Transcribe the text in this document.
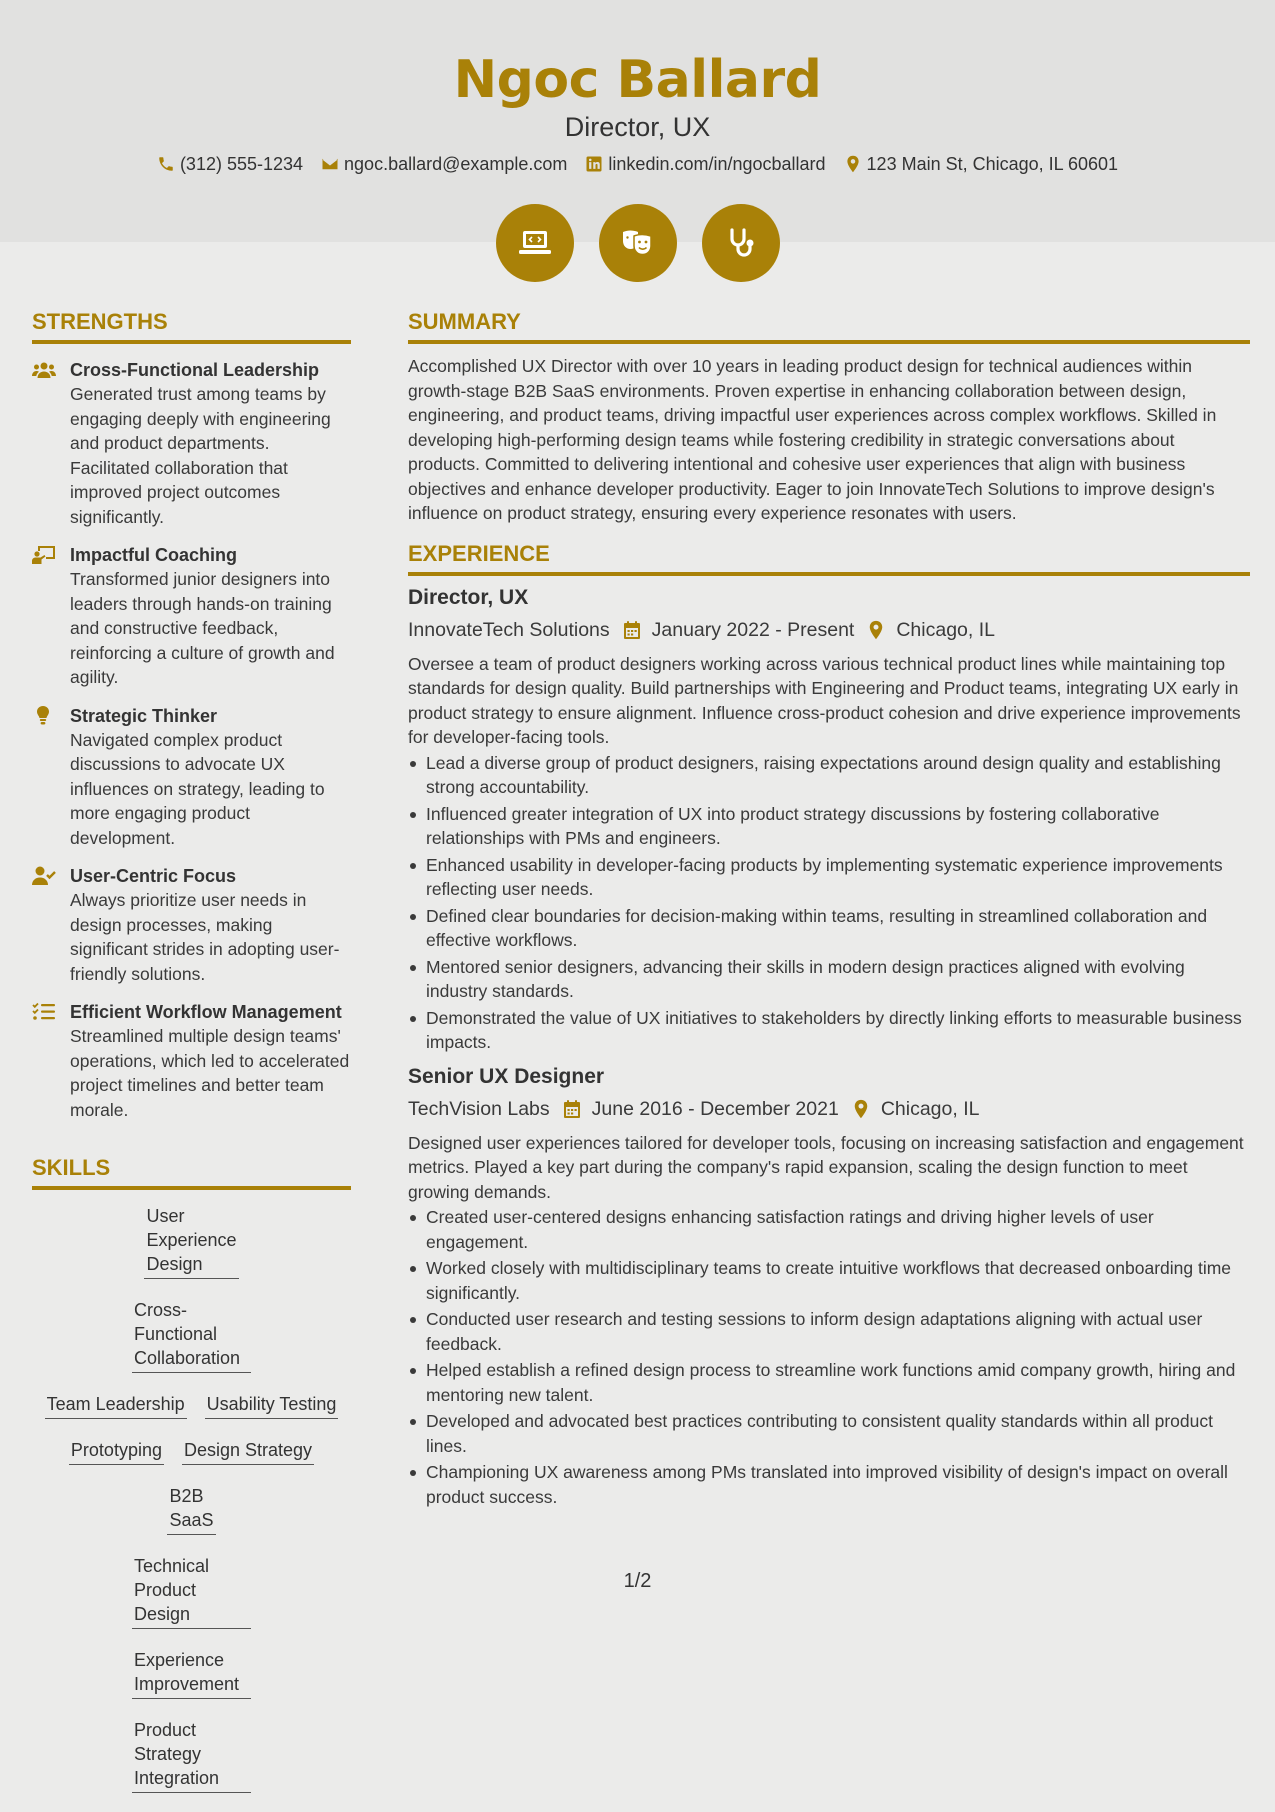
Ngoc Ballard
Director, UX
(312) 555-1234 ngoc.ballard@example.com linkedin.com/in/ngocballard 123 Main St, Chicago, IL 60601
STRENGTHS
Cross-Functional Leadership
Generated trust among teams by engaging deeply with engineering and product departments. Facilitated collaboration that improved project outcomes significantly.
Impactful Coaching
Transformed junior designers into leaders through hands-on training and constructive feedback, reinforcing a culture of growth and agility.
Strategic Thinker
Navigated complex product discussions to advocate UX influences on strategy, leading to more engaging product development.
User-Centric Focus
Always prioritize user needs in design processes, making significant strides in adopting user-friendly solutions.
Efficient Workflow Management
Streamlined multiple design teams' operations, which led to accelerated project timelines and better team morale.
SKILLS
User Experience Design
Cross-Functional Collaboration
Team Leadership Usability Testing
Prototyping Design Strategy
B2B SaaS
Technical Product Design
Experience Improvement
Product Strategy Integration
SUMMARY
Accomplished UX Director with over 10 years in leading product design for technical audiences within growth-stage B2B SaaS environments. Proven expertise in enhancing collaboration between design, engineering, and product teams, driving impactful user experiences across complex workflows. Skilled in developing high-performing design teams while fostering credibility in strategic conversations about products. Committed to delivering intentional and cohesive user experiences that align with business objectives and enhance developer productivity. Eager to join InnovateTech Solutions to improve design's influence on product strategy, ensuring every experience resonates with users.
EXPERIENCE
Director, UX
InnovateTech Solutions January 2022 - Present Chicago, IL
Oversee a team of product designers working across various technical product lines while maintaining top standards for design quality. Build partnerships with Engineering and Product teams, integrating UX early in product strategy to ensure alignment. Influence cross-product cohesion and drive experience improvements for developer-facing tools.
Lead a diverse group of product designers, raising expectations around design quality and establishing strong accountability.
Influenced greater integration of UX into product strategy discussions by fostering collaborative relationships with PMs and engineers.
Enhanced usability in developer-facing products by implementing systematic experience improvements reflecting user needs.
Defined clear boundaries for decision-making within teams, resulting in streamlined collaboration and effective workflows.
Mentored senior designers, advancing their skills in modern design practices aligned with evolving industry standards.
Demonstrated the value of UX initiatives to stakeholders by directly linking efforts to measurable business impacts.
Senior UX Designer
TechVision Labs June 2016 - December 2021 Chicago, IL
Designed user experiences tailored for developer tools, focusing on increasing satisfaction and engagement metrics. Played a key part during the company's rapid expansion, scaling the design function to meet growing demands.
Created user-centered designs enhancing satisfaction ratings and driving higher levels of user engagement.
Worked closely with multidisciplinary teams to create intuitive workflows that decreased onboarding time significantly.
Conducted user research and testing sessions to inform design adaptations aligning with actual user feedback.
Helped establish a refined design process to streamline work functions amid company growth, hiring and mentoring new talent.
Developed and advocated best practices contributing to consistent quality standards within all product lines.
Championing UX awareness among PMs translated into improved visibility of design's impact on overall product success.
1/2
